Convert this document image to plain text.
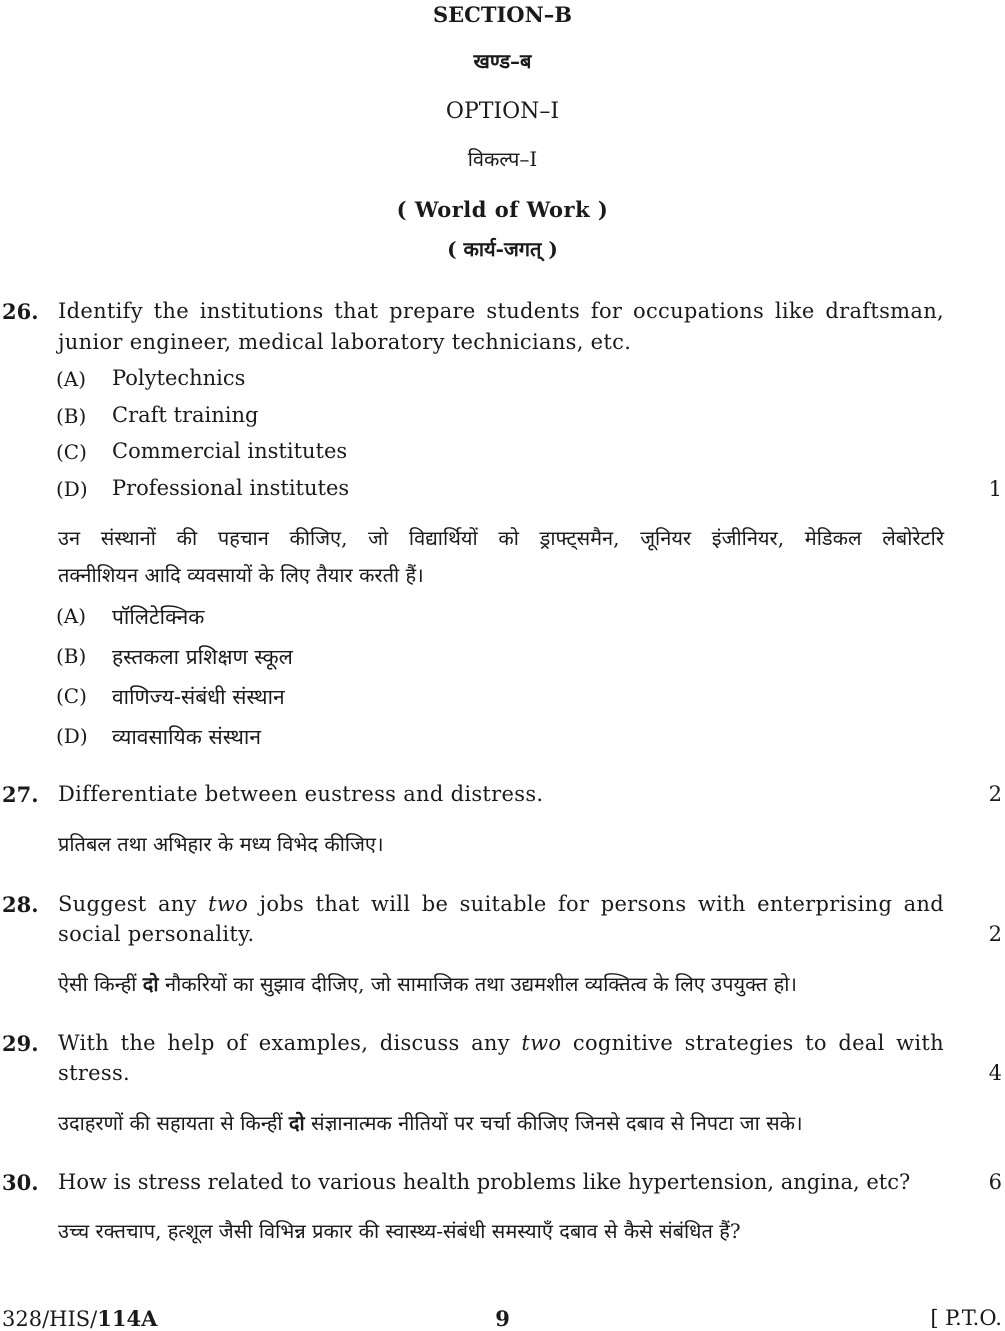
SECTION–B
खण्ड–ब
OPTION–I
विकल्प–I
( World of Work )
( कार्य-जगत् )
26. Identify the institutions that prepare students for occupations like draftsman,
junior engineer, medical laboratory technicians, etc.
(A) Polytechnics
(B) Craft training
(C) Commercial institutes
(D) Professional institutes	1
उन संस्थानों की पहचान कीजिए, जो विद्यार्थियों को ड्राफ्ट्समैन, जूनियर इंजीनियर, मेडिकल लेबोरेटरि
तक्नीशियन आदि व्यवसायों के लिए तैयार करती हैं।
(A) पॉलिटेक्निक
(B) हस्तकला प्रशिक्षण स्कूल
(C) वाणिज्य-संबंधी संस्थान
(D) व्यावसायिक संस्थान
27. Differentiate between eustress and distress.	2
प्रतिबल तथा अभिहार के मध्य विभेद कीजिए।
28. Suggest any two jobs that will be suitable for persons with enterprising and
social personality.	2
ऐसी किन्हीं दो नौकरियों का सुझाव दीजिए, जो सामाजिक तथा उद्यमशील व्यक्तित्व के लिए उपयुक्त हो।
29. With the help of examples, discuss any two cognitive strategies to deal with
stress.	4
उदाहरणों की सहायता से किन्हीं दो संज्ञानात्मक नीतियों पर चर्चा कीजिए जिनसे दबाव से निपटा जा सके।
30. How is stress related to various health problems like hypertension, angina, etc?	6
उच्च रक्तचाप, हत्शूल जैसी विभिन्न प्रकार की स्वास्थ्य-संबंधी समस्याएँ दबाव से कैसे संबंधित हैं?
328/HIS/114A	9	[ P.T.O.
